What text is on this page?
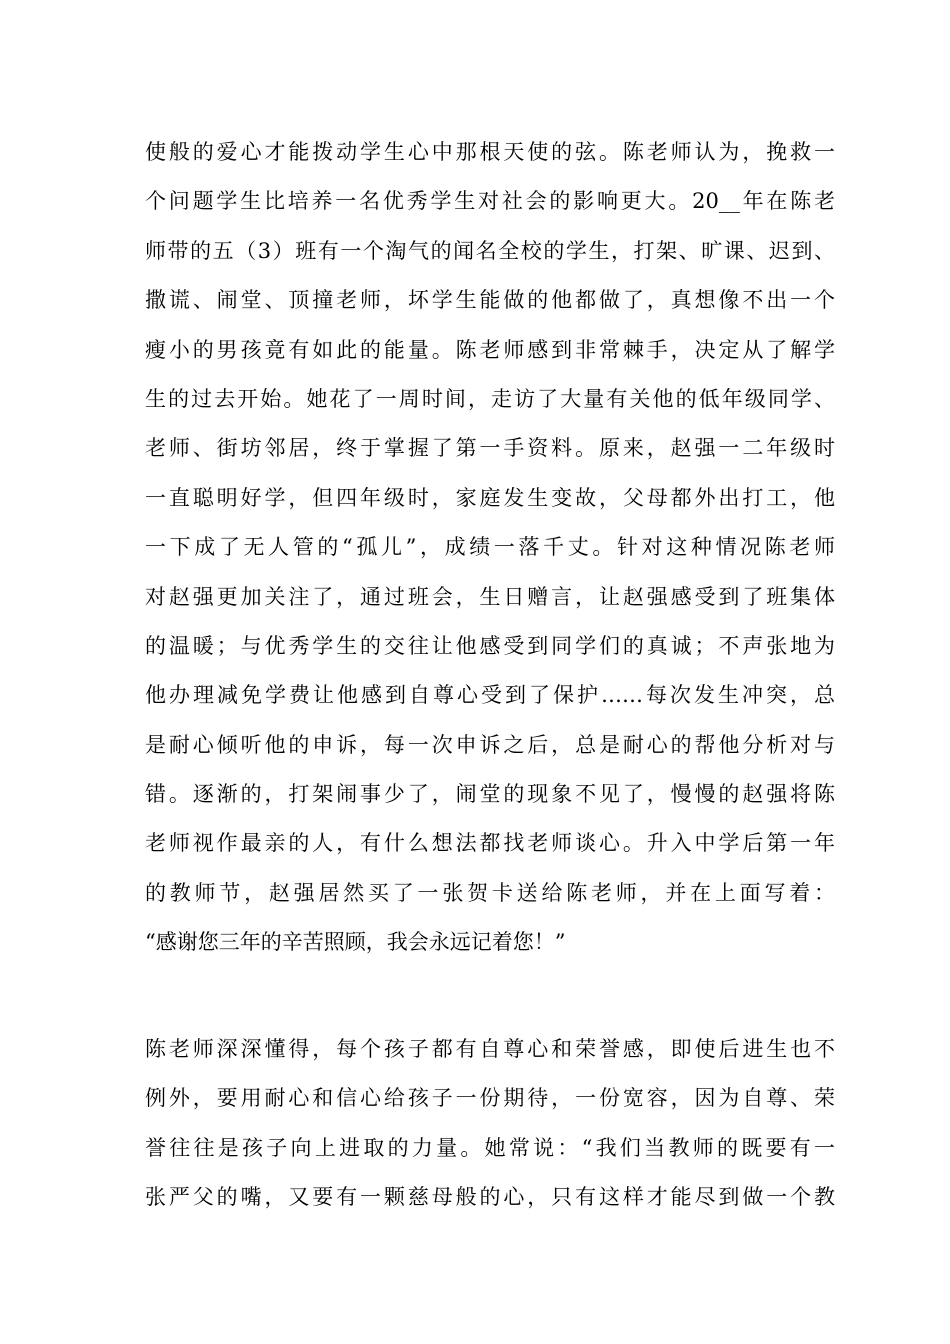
使般的爱心才能拨动学生心中那根天使的弦。陈老师认为，挽救一
个问题学生比培养一名优秀学生对社会的影响更大。20__年在陈老
师带的五（3）班有一个淘气的闻名全校的学生，打架、旷课、迟到、
撒谎、闹堂、顶撞老师，坏学生能做的他都做了，真想像不出一个
瘦小的男孩竟有如此的能量。陈老师感到非常棘手，决定从了解学
生的过去开始。她花了一周时间，走访了大量有关他的低年级同学、
老师、街坊邻居，终于掌握了第一手资料。原来，赵强一二年级时
一直聪明好学，但四年级时，家庭发生变故，父母都外出打工，他
一下成了无人管的“孤儿”，成绩一落千丈。针对这种情况陈老师
对赵强更加关注了，通过班会，生日赠言，让赵强感受到了班集体
的温暖；与优秀学生的交往让他感受到同学们的真诚；不声张地为
他办理减免学费让他感到自尊心受到了保护……每次发生冲突，总
是耐心倾听他的申诉，每一次申诉之后，总是耐心的帮他分析对与
错。逐渐的，打架闹事少了，闹堂的现象不见了，慢慢的赵强将陈
老师视作最亲的人，有什么想法都找老师谈心。升入中学后第一年
的教师节，赵强居然买了一张贺卡送给陈老师，并在上面写着：
“感谢您三年的辛苦照顾，我会永远记着您！”
陈老师深深懂得，每个孩子都有自尊心和荣誉感，即使后进生也不
例外，要用耐心和信心给孩子一份期待，一份宽容，因为自尊、荣
誉往往是孩子向上进取的力量。她常说：“我们当教师的既要有一
张严父的嘴，又要有一颗慈母般的心，只有这样才能尽到做一个教
